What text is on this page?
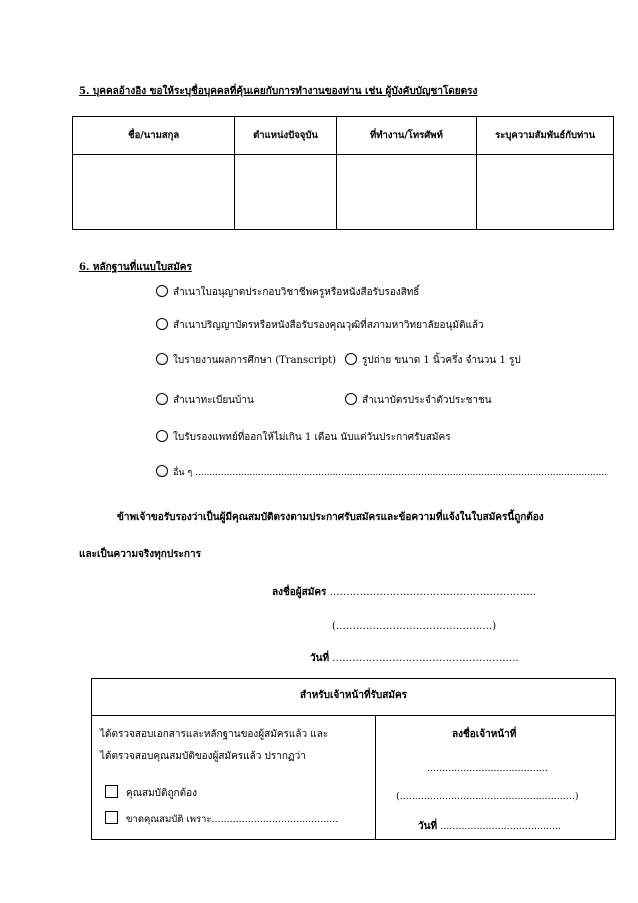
5. บุคคลอ้างอิง ขอให้ระบุชื่อบุคคลที่คุ้นเคยกับการทำงานของท่าน เช่น ผู้บังคับบัญชาโดยตรง
ชื่อ/นามสกุล	ตำแหน่งปัจจุบัน	ที่ทำงาน/โทรศัพท์	ระบุความสัมพันธ์กับท่าน

6. หลักฐานที่แนบใบสมัคร
สำเนาใบอนุญาตประกอบวิชาชีพครูหรือหนังสือรับรองสิทธิ์
สำเนาปริญญาบัตรหรือหนังสือรับรองคุณวุฒิที่สภามหาวิทยาลัยอนุมัติแล้ว
ใบรายงานผลการศึกษา (Transcript)	รูปถ่าย ขนาด 1 นิ้วครึ่ง จำนวน 1 รูป
สำเนาทะเบียนบ้าน	สำเนาบัตรประจำตัวประชาชน
ใบรับรองแพทย์ที่ออกให้ไม่เกิน 1 เดือน นับแต่วันประกาศรับสมัคร
อื่น ๆ ................................................................................................................................................
ข้าพเจ้าขอรับรองว่าเป็นผู้มีคุณสมบัติตรงตามประกาศรับสมัครและข้อความที่แจ้งในใบสมัครนี้ถูกต้อง
และเป็นความจริงทุกประการ
ลงชื่อผู้สมัคร ……………………………………………………..
(……………………………………..…)
วันที่ ………………………………………………..
สำหรับเจ้าหน้าที่รับสมัคร
ได้ตรวจสอบเอกสารและหลักฐานของผู้สมัครแล้ว และ
ได้ตรวจสอบคุณสมบัติของผู้สมัครแล้ว ปรากฏว่า
คุณสมบัติถูกต้อง
ขาดคุณสมบัติ เพราะ..........................................
ลงชื่อเจ้าหน้าที่
........................................
(..........................................................)
วันที่ ........................................
